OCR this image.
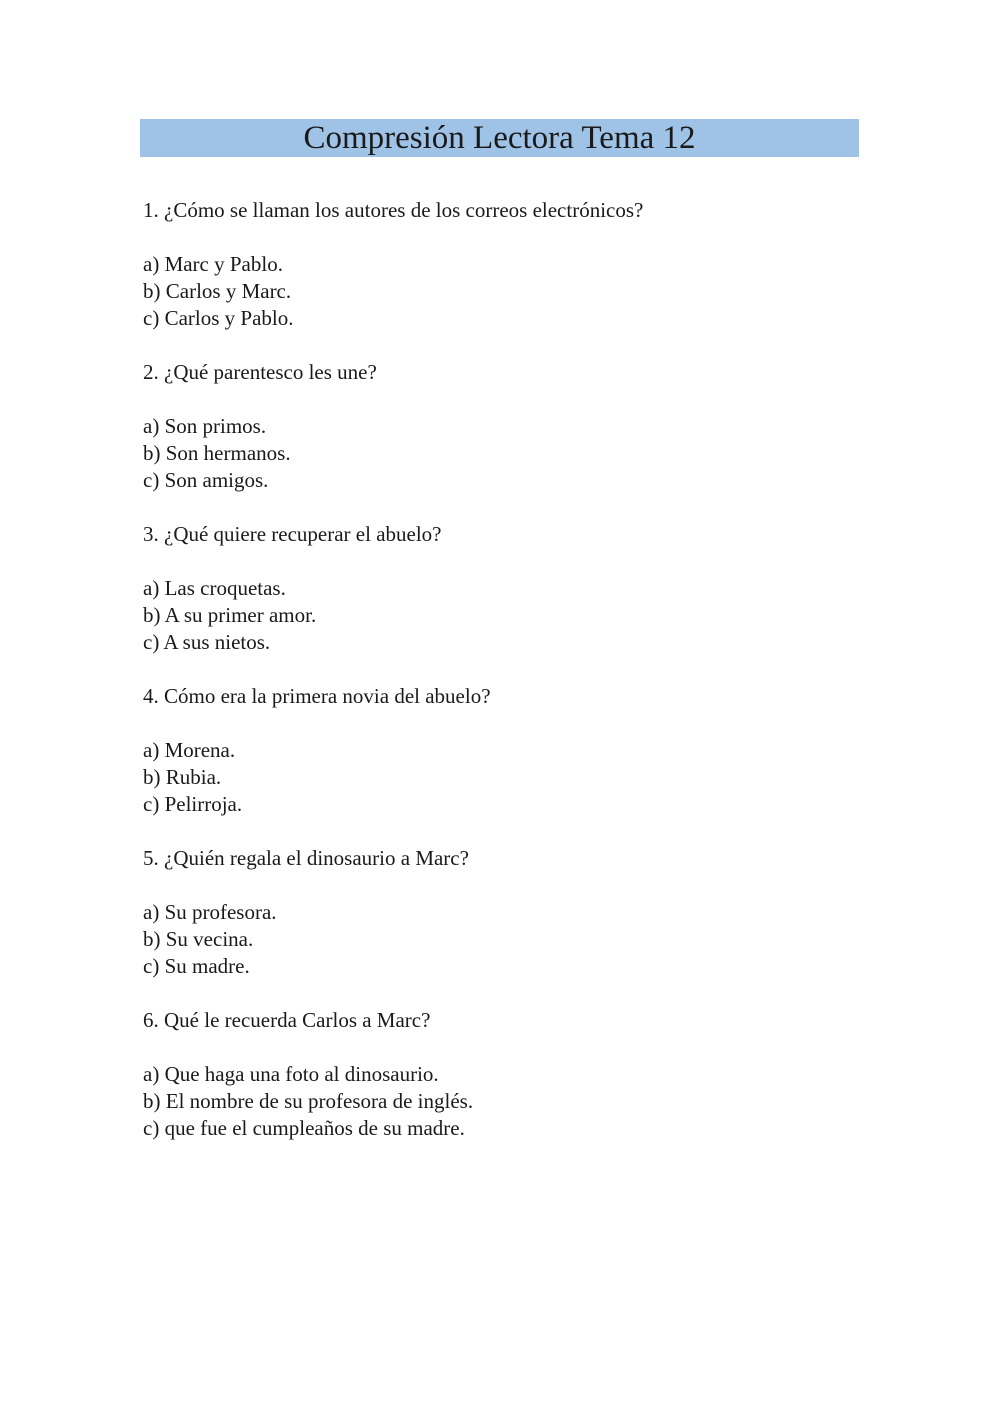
Compresión Lectora Tema 12
1. ¿Cómo se llaman los autores de los correos electrónicos?
a) Marc y Pablo.
b) Carlos y Marc.
c) Carlos y Pablo.
2. ¿Qué parentesco les une?
a) Son primos.
b) Son hermanos.
c) Son amigos.
3. ¿Qué quiere recuperar el abuelo?
a) Las croquetas.
b) A su primer amor.
c) A sus nietos.
4. Cómo era la primera novia del abuelo?
a) Morena.
b) Rubia.
c) Pelirroja.
5. ¿Quién regala el dinosaurio a Marc?
a) Su profesora.
b) Su vecina.
c) Su madre.
6. Qué le recuerda Carlos a Marc?
a) Que haga una foto al dinosaurio.
b) El nombre de su profesora de inglés.
c) que fue el cumpleaños de su madre.
